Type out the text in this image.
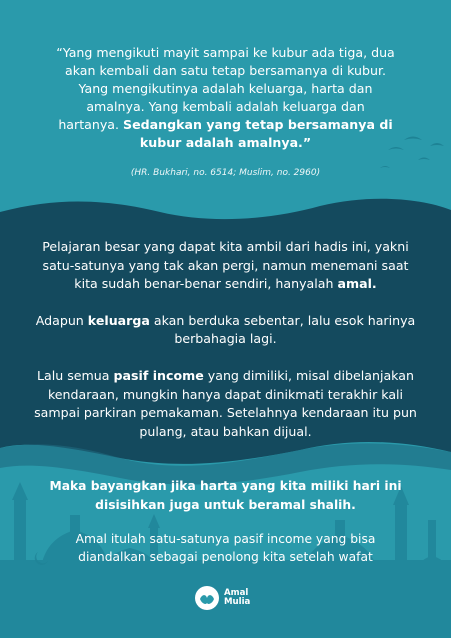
“Yang mengikuti mayit sampai ke kubur ada tiga, dua akan kembali dan satu tetap bersamanya di kubur. Yang mengikutinya adalah keluarga, harta dan amalnya. Yang kembali adalah keluarga dan hartanya. Sedangkan yang tetap bersamanya di kubur adalah amalnya.”
(HR. Bukhari, no. 6514; Muslim, no. 2960)

Pelajaran besar yang dapat kita ambil dari hadis ini, yakni satu-satunya yang tak akan pergi, namun menemani saat kita sudah benar-benar sendiri, hanyalah amal.

Adapun keluarga akan berduka sebentar, lalu esok harinya berbahagia lagi.

Lalu semua pasif income yang dimiliki, misal dibelanjakan kendaraan, mungkin hanya dapat dinikmati terakhir kali sampai parkiran pemakaman. Setelahnya kendaraan itu pun pulang, atau bahkan dijual.

Maka bayangkan jika harta yang kita miliki hari ini disisihkan juga untuk beramal shalih.
Amal itulah satu-satunya pasif income yang bisa diandalkan sebagai penolong kita setelah wafat
Amal
Mulia
